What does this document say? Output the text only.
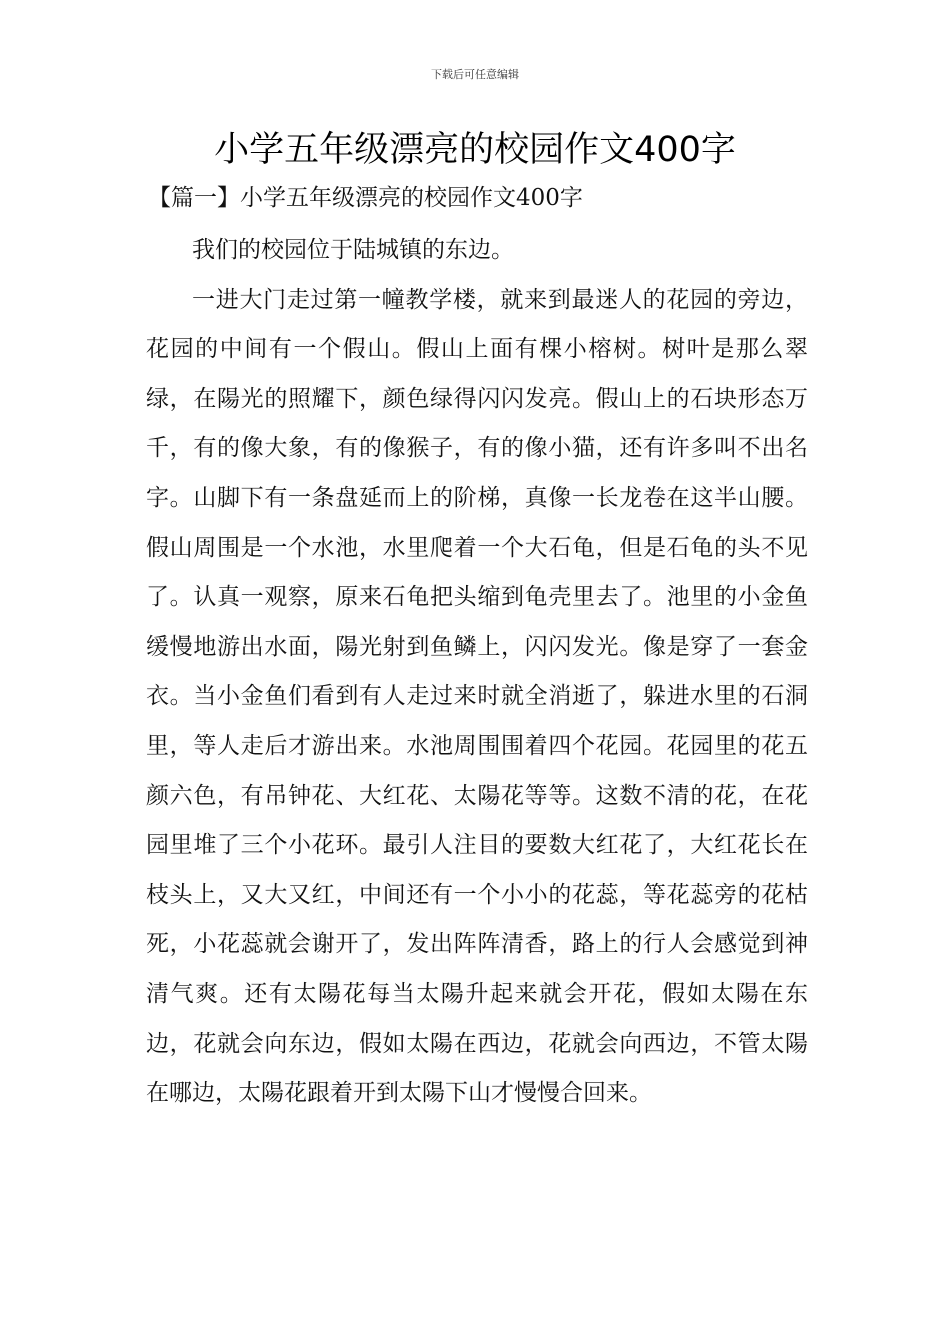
下载后可任意编辑
小学五年级漂亮的校园作文400字
【篇一】小学五年级漂亮的校园作文400字

我们的校园位于陆城镇的东边。

一进大门走过第一幢教学楼，就来到最迷人的花园的旁边，花园的中间有一个假山。假山上面有棵小榕树。树叶是那么翠绿，在陽光的照耀下，颜色绿得闪闪发亮。假山上的石块形态万千，有的像大象，有的像猴子，有的像小猫，还有许多叫不出名字。山脚下有一条盘延而上的阶梯，真像一长龙卷在这半山腰。假山周围是一个水池，水里爬着一个大石龟，但是石龟的头不见了。认真一观察，原来石龟把头缩到龟壳里去了。池里的小金鱼缓慢地游出水面，陽光射到鱼鳞上，闪闪发光。像是穿了一套金衣。当小金鱼们看到有人走过来时就全消逝了，躲进水里的石洞里，等人走后才游出来。水池周围围着四个花园。花园里的花五颜六色，有吊钟花、大红花、太陽花等等。这数不清的花，在花园里堆了三个小花环。最引人注目的要数大红花了，大红花长在枝头上，又大又红，中间还有一个小小的花蕊，等花蕊旁的花枯死，小花蕊就会谢开了，发出阵阵清香，路上的行人会感觉到神清气爽。还有太陽花每当太陽升起来就会开花，假如太陽在东边，花就会向东边，假如太陽在西边，花就会向西边，不管太陽在哪边，太陽花跟着开到太陽下山才慢慢合回来。
